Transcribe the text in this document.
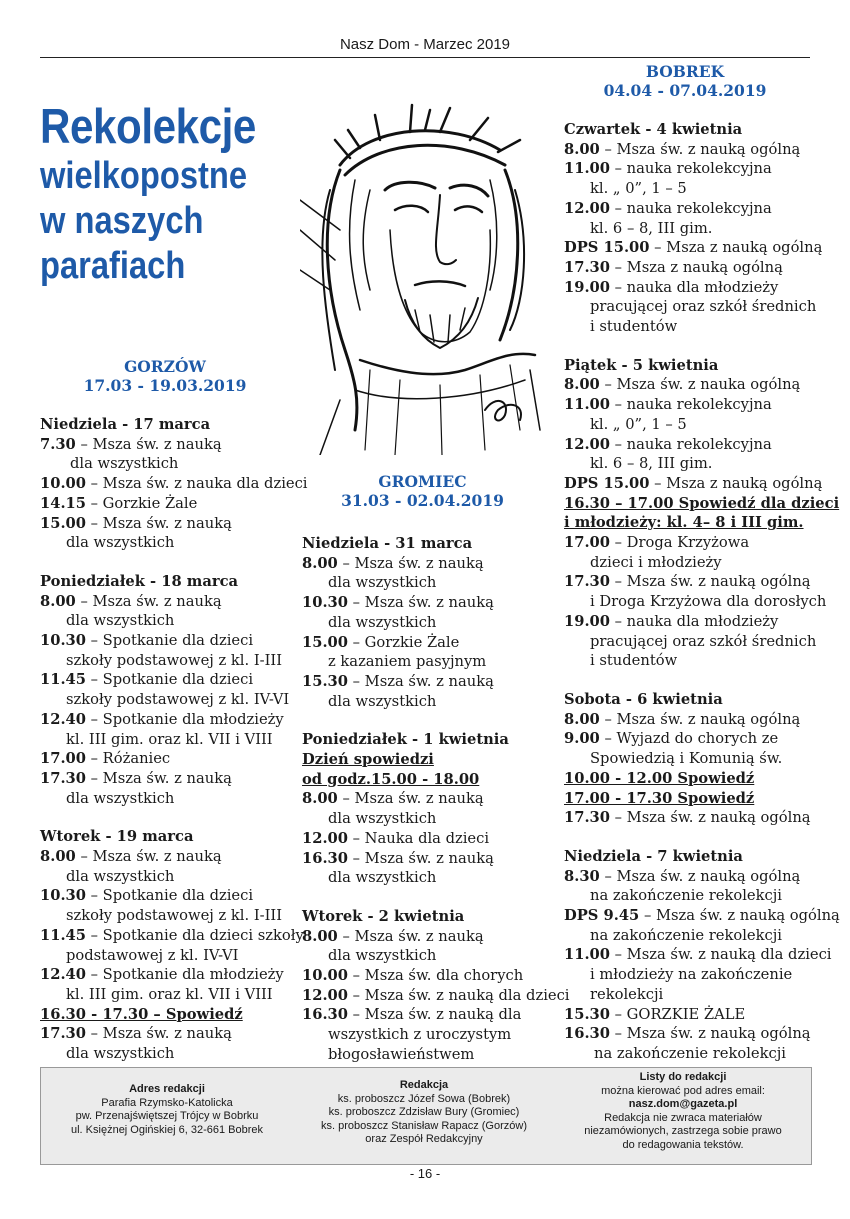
Nasz Dom - Marzec 2019
Rekolekcje
wielkopostne
w naszych
parafiach
GORZÓW
17.03 - 19.03.2019
Niedziela - 17 marca
7.30 – Msza św. z nauką
dla wszystkich
10.00 – Msza św. z nauka dla dzieci
14.15 – Gorzkie Żale
15.00 – Msza św. z nauką
dla wszystkich
Poniedziałek - 18 marca
8.00 – Msza św. z nauką
dla wszystkich
10.30 – Spotkanie dla dzieci
szkoły podstawowej z kl. I-III
11.45 – Spotkanie dla dzieci
szkoły podstawowej z kl. IV-VI
12.40 – Spotkanie dla młodzieży
kl. III gim. oraz kl. VII i VIII
17.00 – Różaniec
17.30 – Msza św. z nauką
dla wszystkich
Wtorek - 19 marca
8.00 – Msza św. z nauką
dla wszystkich
10.30 – Spotkanie dla dzieci
szkoły podstawowej z kl. I-III
11.45 – Spotkanie dla dzieci szkoły
podstawowej z kl. IV-VI
12.40 – Spotkanie dla młodzieży
kl. III gim. oraz kl. VII i VIII
16.30 - 17.30 – Spowiedź
17.30 – Msza św. z nauką
dla wszystkich
GROMIEC
31.03 - 02.04.2019
Niedziela - 31 marca
8.00 – Msza św. z nauką
dla wszystkich
10.30 – Msza św. z nauką
dla wszystkich
15.00 – Gorzkie Żale
z kazaniem pasyjnym
15.30 – Msza św. z nauką
dla wszystkich
Poniedziałek - 1 kwietnia
Dzień spowiedzi
od godz.15.00 - 18.00
8.00 – Msza św. z nauką
dla wszystkich
12.00 – Nauka dla dzieci
16.30 – Msza św. z nauką
dla wszystkich
Wtorek - 2 kwietnia
8.00 – Msza św. z nauką
dla wszystkich
10.00 – Msza św. dla chorych
12.00 – Msza św. z nauką dla dzieci
16.30 – Msza św. z nauką dla
wszystkich z uroczystym
błogosławieństwem
BOBREK
04.04 - 07.04.2019
Czwartek - 4 kwietnia
8.00 – Msza św. z nauką ogólną
11.00 – nauka rekolekcyjna
kl. „ 0”, 1 – 5
12.00 – nauka rekolekcyjna
kl. 6 – 8, III gim.
DPS 15.00 – Msza z nauką ogólną
17.30 – Msza z nauką ogólną
19.00 – nauka dla młodzieży
pracującej oraz szkół średnich
i studentów
Piątek - 5 kwietnia
8.00 – Msza św. z nauka ogólną
11.00 – nauka rekolekcyjna
kl. „ 0”, 1 – 5
12.00 – nauka rekolekcyjna
kl. 6 – 8, III gim.
DPS 15.00 – Msza z nauką ogólną
16.30 – 17.00 Spowiedź dla dzieci
i młodzieży: kl. 4– 8 i III gim.
17.00 – Droga Krzyżowa
dzieci i młodzieży
17.30 – Msza św. z nauką ogólną
i Droga Krzyżowa dla dorosłych
19.00 – nauka dla młodzieży
pracującej oraz szkół średnich
i studentów
Sobota - 6 kwietnia
8.00 – Msza św. z nauką ogólną
9.00 – Wyjazd do chorych ze
Spowiedzią i Komunią św.
10.00 - 12.00 Spowiedź
17.00 - 17.30 Spowiedź
17.30 – Msza św. z nauką ogólną
Niedziela - 7 kwietnia
8.30 – Msza św. z nauką ogólną
na zakończenie rekolekcji
DPS 9.45 – Msza św. z nauką ogólną
na zakończenie rekolekcji
11.00 – Msza św. z nauką dla dzieci
i młodzieży na zakończenie
rekolekcji
15.30 – GORZKIE ŻALE
16.30 – Msza św. z nauką ogólną
na zakończenie rekolekcji
Adres redakcji
Parafia Rzymsko-Katolicka
pw. Przenajświętszej Trójcy w Bobrku
ul. Księżnej Ogińskiej 6, 32-661 Bobrek
Redakcja
ks. proboszcz Józef Sowa (Bobrek)
ks. proboszcz Zdzisław Bury (Gromiec)
ks. proboszcz Stanisław Rapacz (Gorzów)
oraz Zespół Redakcyjny
Listy do redakcji
można kierować pod adres email:
nasz.dom@gazeta.pl
Redakcja nie zwraca materiałów
niezamówionych, zastrzega sobie prawo
do redagowania tekstów.
- 16 -
